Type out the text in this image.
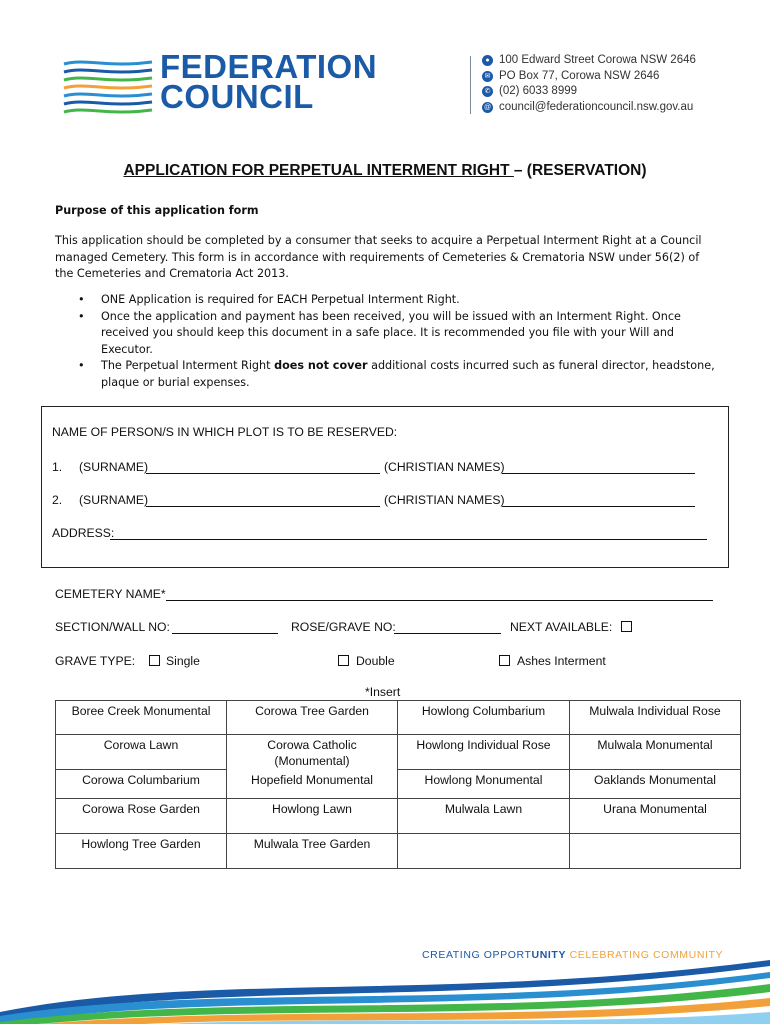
FEDERATION
COUNCIL
● 100 Edward Street Corowa NSW 2646
✉ PO Box 77, Corowa NSW 2646
✆ (02) 6033 8999
@ council@federationcouncil.nsw.gov.au
APPLICATION FOR PERPETUAL INTERMENT RIGHT – (RESERVATION)
Purpose of this application form
This application should be completed by a consumer that seeks to acquire a Perpetual Interment Right at a Council managed Cemetery. This form is in accordance with requirements of Cemeteries & Crematoria NSW under 56(2) of the Cemeteries and Crematoria Act 2013.
• ONE Application is required for EACH Perpetual Interment Right.
• Once the application and payment has been received, you will be issued with an Interment Right. Once received you should keep this document in a safe place. It is recommended you file with your Will and Executor.
• The Perpetual Interment Right does not cover additional costs incurred such as funeral director, headstone, plaque or burial expenses.
NAME OF PERSON/S IN WHICH PLOT IS TO BE RESERVED:
1. (SURNAME)	(CHRISTIAN NAMES)
2. (SURNAME)	(CHRISTIAN NAMES)
ADDRESS:
CEMETERY NAME*
SECTION/WALL NO:	ROSE/GRAVE NO:	NEXT AVAILABLE:
GRAVE TYPE:	Single	Double	Ashes Interment
*Insert
Boree Creek Monumental	Corowa Tree Garden	Howlong Columbarium	Mulwala Individual Rose
Corowa Lawn	Corowa Catholic (Monumental)	Howlong Individual Rose	Mulwala Monumental
Corowa Columbarium	Hopefield Monumental	Howlong Monumental	Oaklands Monumental
Corowa Rose Garden	Howlong Lawn	Mulwala Lawn	Urana Monumental
Howlong Tree Garden	Mulwala Tree Garden		
CREATING OPPORTUNITY CELEBRATING COMMUNITY
